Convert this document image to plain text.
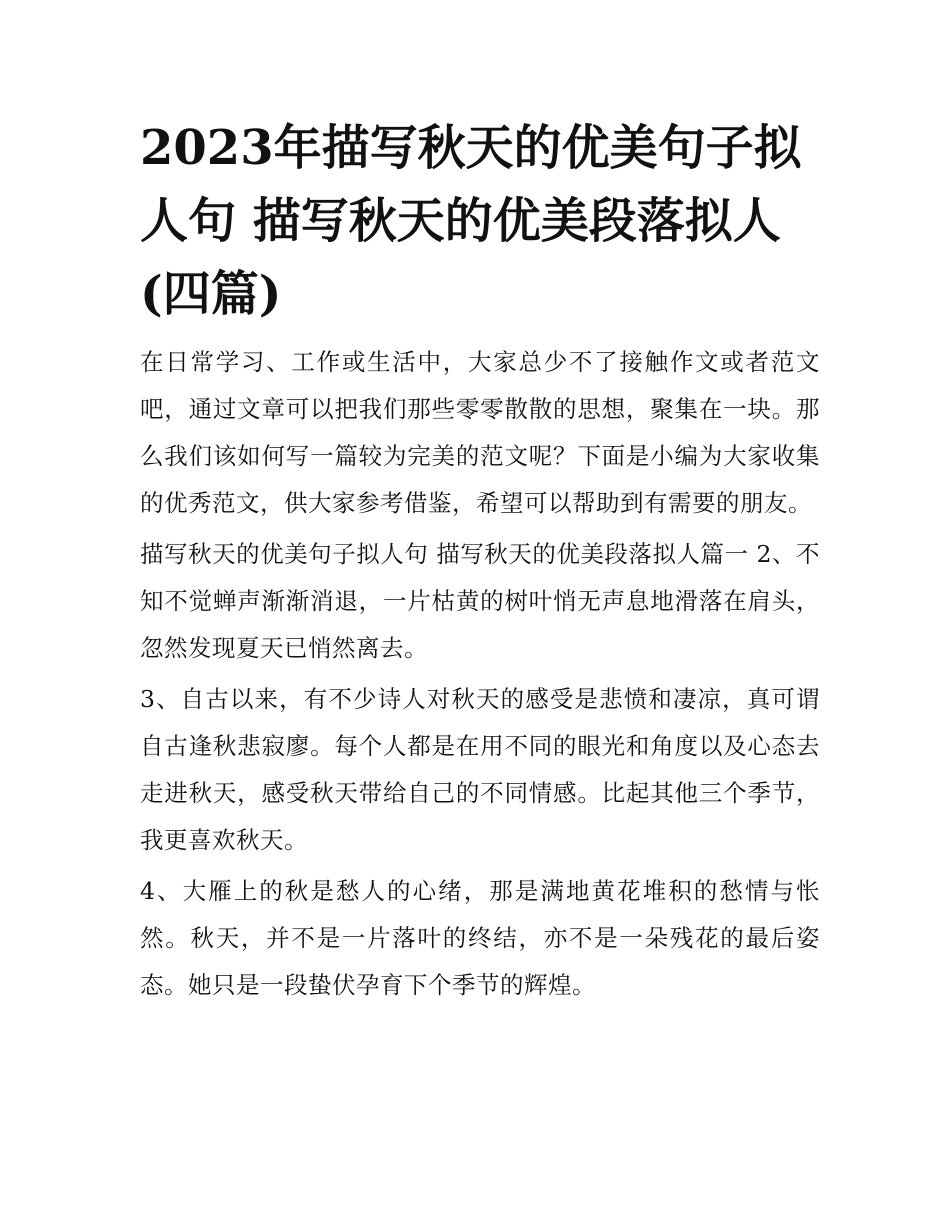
2023年描写秋天的优美句子拟人句 描写秋天的优美段落拟人(四篇)

在日常学习、工作或生活中，大家总少不了接触作文或者范文吧，通过文章可以把我们那些零零散散的思想，聚集在一块。那么我们该如何写一篇较为完美的范文呢？下面是小编为大家收集的优秀范文，供大家参考借鉴，希望可以帮助到有需要的朋友。

描写秋天的优美句子拟人句 描写秋天的优美段落拟人篇一 2、不知不觉蝉声渐渐消退，一片枯黄的树叶悄无声息地滑落在肩头，忽然发现夏天已悄然离去。

3、自古以来，有不少诗人对秋天的感受是悲愤和凄凉，真可谓自古逢秋悲寂廖。每个人都是在用不同的眼光和角度以及心态去走进秋天，感受秋天带给自己的不同情感。比起其他三个季节，我更喜欢秋天。

4、大雁上的秋是愁人的心绪，那是满地黄花堆积的愁情与怅然。秋天，并不是一片落叶的终结，亦不是一朵残花的最后姿态。她只是一段蛰伏孕育下个季节的辉煌。
